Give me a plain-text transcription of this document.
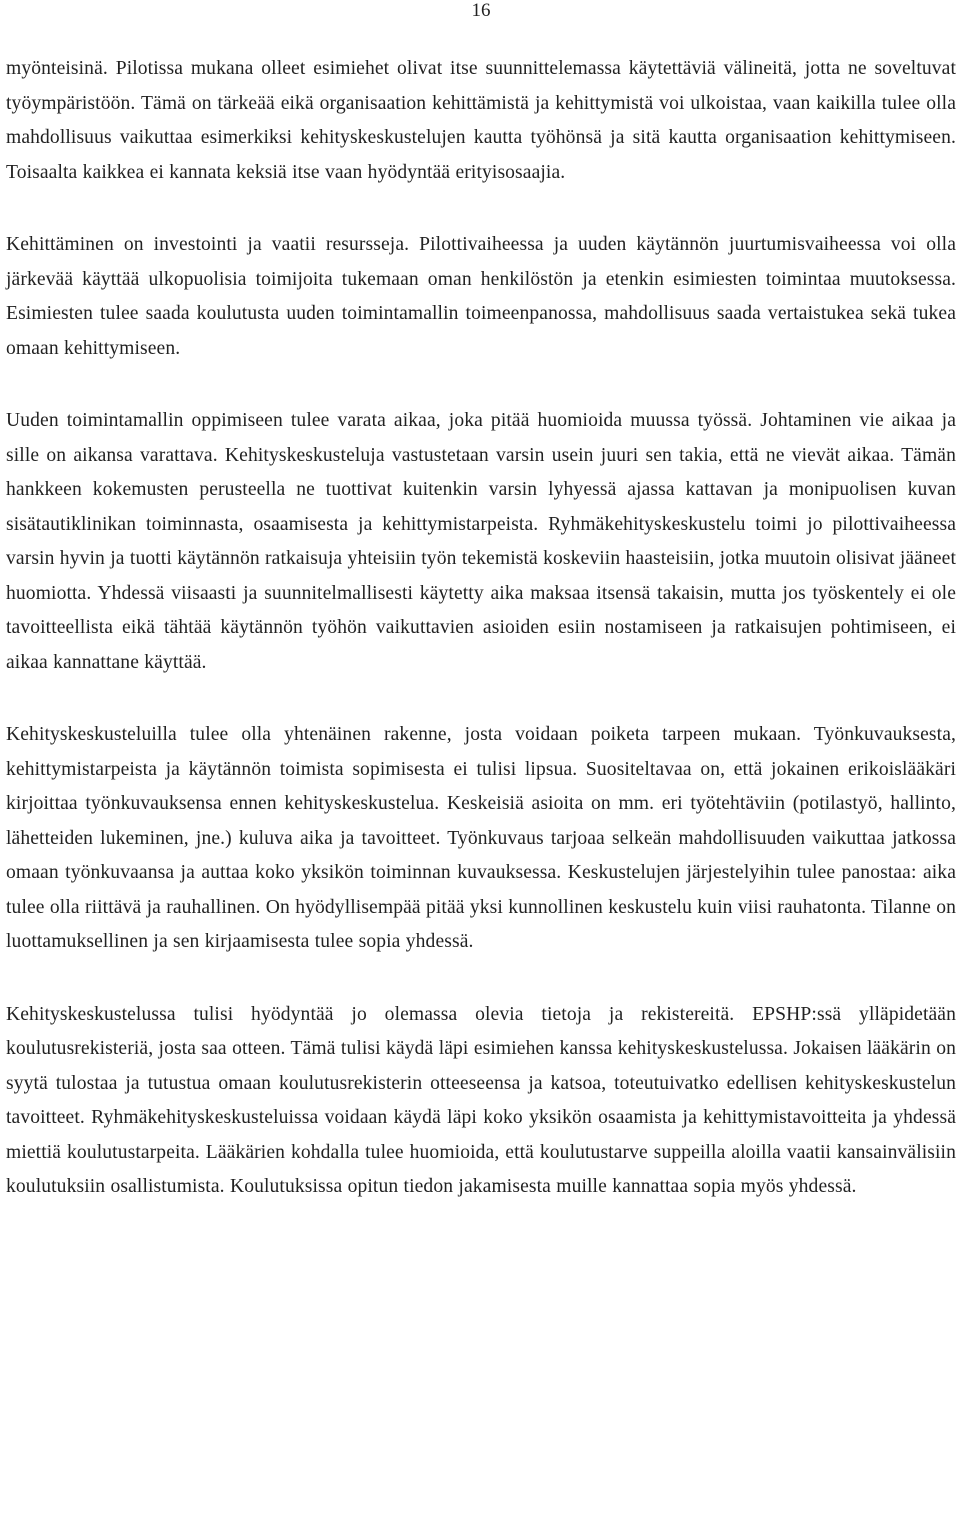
16

myönteisinä. Pilotissa mukana olleet esimiehet olivat itse suunnittelemassa käytettäviä välineitä, jotta ne soveltuvat työympäristöön. Tämä on tärkeää eikä organisaation kehittämistä ja kehittymistä voi ulkoistaa, vaan kaikilla tulee olla mahdollisuus vaikuttaa esimerkiksi kehityskeskustelujen kautta työhönsä ja sitä kautta organisaation kehittymiseen. Toisaalta kaikkea ei kannata keksiä itse vaan hyödyntää erityisosaajia.

Kehittäminen on investointi ja vaatii resursseja. Pilottivaiheessa ja uuden käytännön juurtumisvaiheessa voi olla järkevää käyttää ulkopuolisia toimijoita tukemaan oman henkilöstön ja etenkin esimiesten toimintaa muutoksessa. Esimiesten tulee saada koulutusta uuden toimintamallin toimeenpanossa, mahdollisuus saada vertaistukea sekä tukea omaan kehittymiseen.

Uuden toimintamallin oppimiseen tulee varata aikaa, joka pitää huomioida muussa työssä. Johtaminen vie aikaa ja sille on aikansa varattava. Kehityskeskusteluja vastustetaan varsin usein juuri sen takia, että ne vievät aikaa. Tämän hankkeen kokemusten perusteella ne tuottivat kuitenkin varsin lyhyessä ajassa kattavan ja monipuolisen kuvan sisätautiklinikan toiminnasta, osaamisesta ja kehittymistarpeista. Ryhmäkehityskeskustelu toimi jo pilottivaiheessa varsin hyvin ja tuotti käytännön ratkaisuja yhteisiin työn tekemistä koskeviin haasteisiin, jotka muutoin olisivat jääneet huomiotta. Yhdessä viisaasti ja suunnitelmallisesti käytetty aika maksaa itsensä takaisin, mutta jos työskentely ei ole tavoitteellista eikä tähtää käytännön työhön vaikuttavien asioiden esiin nostamiseen ja ratkaisujen pohtimiseen, ei aikaa kannattane käyttää.

Kehityskeskusteluilla tulee olla yhtenäinen rakenne, josta voidaan poiketa tarpeen mukaan. Työnkuvauksesta, kehittymistarpeista ja käytännön toimista sopimisesta ei tulisi lipsua. Suositeltavaa on, että jokainen erikoislääkäri kirjoittaa työnkuvauksensa ennen kehityskeskustelua. Keskeisiä asioita on mm. eri työtehtäviin (potilastyö, hallinto, lähetteiden lukeminen, jne.) kuluva aika ja tavoitteet. Työnkuvaus tarjoaa selkeän mahdollisuuden vaikuttaa jatkossa omaan työnkuvaansa ja auttaa koko yksikön toiminnan kuvauksessa. Keskustelujen järjestelyihin tulee panostaa: aika tulee olla riittävä ja rauhallinen. On hyödyllisempää pitää yksi kunnollinen keskustelu kuin viisi rauhatonta. Tilanne on luottamuksellinen ja sen kirjaamisesta tulee sopia yhdessä.

Kehityskeskustelussa tulisi hyödyntää jo olemassa olevia tietoja ja rekistereitä. EPSHP:ssä ylläpidetään koulutusrekisteriä, josta saa otteen. Tämä tulisi käydä läpi esimiehen kanssa kehityskeskustelussa. Jokaisen lääkärin on syytä tulostaa ja tutustua omaan koulutusrekisterin otteeseensa ja katsoa, toteutuivatko edellisen kehityskeskustelun tavoitteet. Ryhmäkehityskeskusteluissa voidaan käydä läpi koko yksikön osaamista ja kehittymistavoitteita ja yhdessä miettiä koulutustarpeita. Lääkärien kohdalla tulee huomioida, että koulutustarve suppeilla aloilla vaatii kansainvälisiin koulutuksiin osallistumista. Koulutuksissa opitun tiedon jakamisesta muille kannattaa sopia myös yhdessä.
